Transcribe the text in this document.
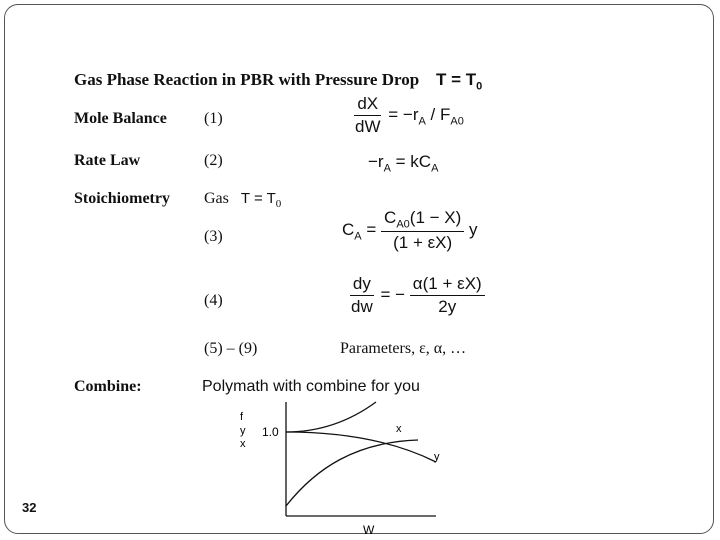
Gas Phase Reaction in PBR with Pressure Drop $T = T_0$
Mole Balance (1)	$\frac{dX}{dW} = -r_A / F_{A0}$
Rate Law	(2)	$-r_A = kC_A$
Stoichiometry Gas $T = T_0$
(3)	$C_A = \frac{C_{A0}(1 - X)}{(1 + \varepsilon X)}$ y
(4)	$\frac{dy}{dw}$ = − $\frac{\alpha(1 + \varepsilon X)}{2y}$
(5) – (9)	Parameters, ε, α, …
Combine:	Polymath with combine for you
f
y
x
1.0	x
y
W
32
